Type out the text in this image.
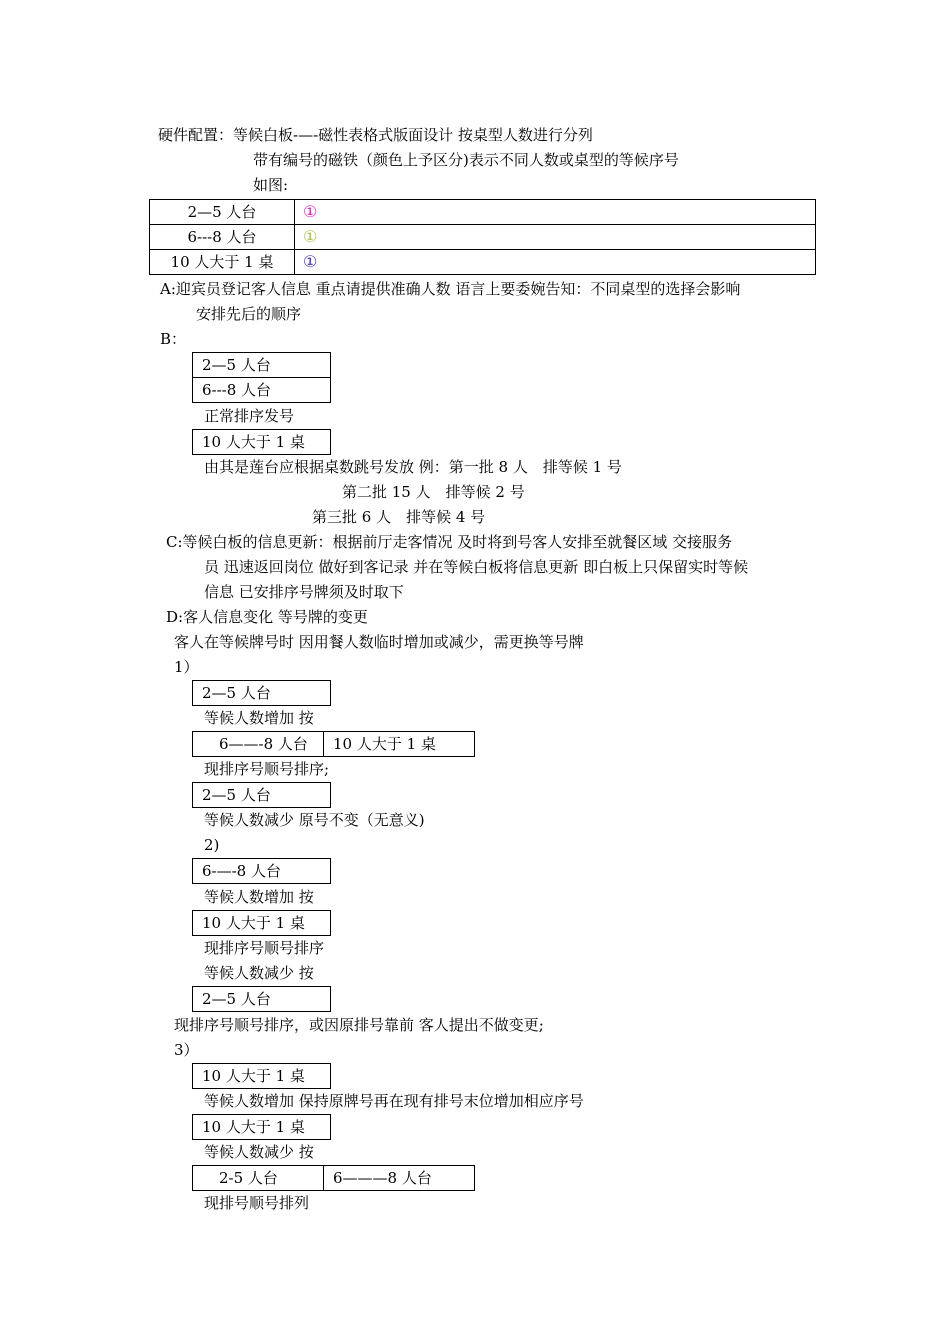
硬件配置：等候白板-—-磁性表格式版面设计 按桌型人数进行分列
带有编号的磁铁（颜色上予区分)表示不同人数或桌型的等候序号
如图:
2—5 人台	①
6---8 人台	①
10 人大于 1 桌	①
A:迎宾员登记客人信息 重点请提供准确人数 语言上要委婉告知：不同桌型的选择会影响
安排先后的顺序
B：
2—5 人台
6---8 人台
正常排序发号
10 人大于 1 桌
由其是莲台应根据桌数跳号发放 例：第一批 8 人　排等候 1 号
第二批 15 人　排等候 2 号
第三批 6 人　排等候 4 号
C:等候白板的信息更新：根据前厅走客情况 及时将到号客人安排至就餐区域 交接服务
员 迅速返回岗位 做好到客记录 并在等候白板将信息更新 即白板上只保留实时等候
信息 已安排序号牌须及时取下
D:客人信息变化 等号牌的变更
客人在等候牌号时 因用餐人数临时增加或减少，需更换等号牌
1）
2—5 人台
等候人数增加 按
6——-8 人台	10 人大于 1 桌
现排序号顺号排序;
2—5 人台
等候人数减少 原号不变（无意义)
2)
6-—-8 人台
等候人数增加 按
10 人大于 1 桌
现排序号顺号排序
等候人数减少 按
2—5 人台
现排序号顺号排序，或因原排号靠前 客人提出不做变更;
3）
10 人大于 1 桌
等候人数增加 保持原牌号再在现有排号末位增加相应序号
10 人大于 1 桌
等候人数减少 按
2-5 人台	6———8 人台
现排号顺号排列
